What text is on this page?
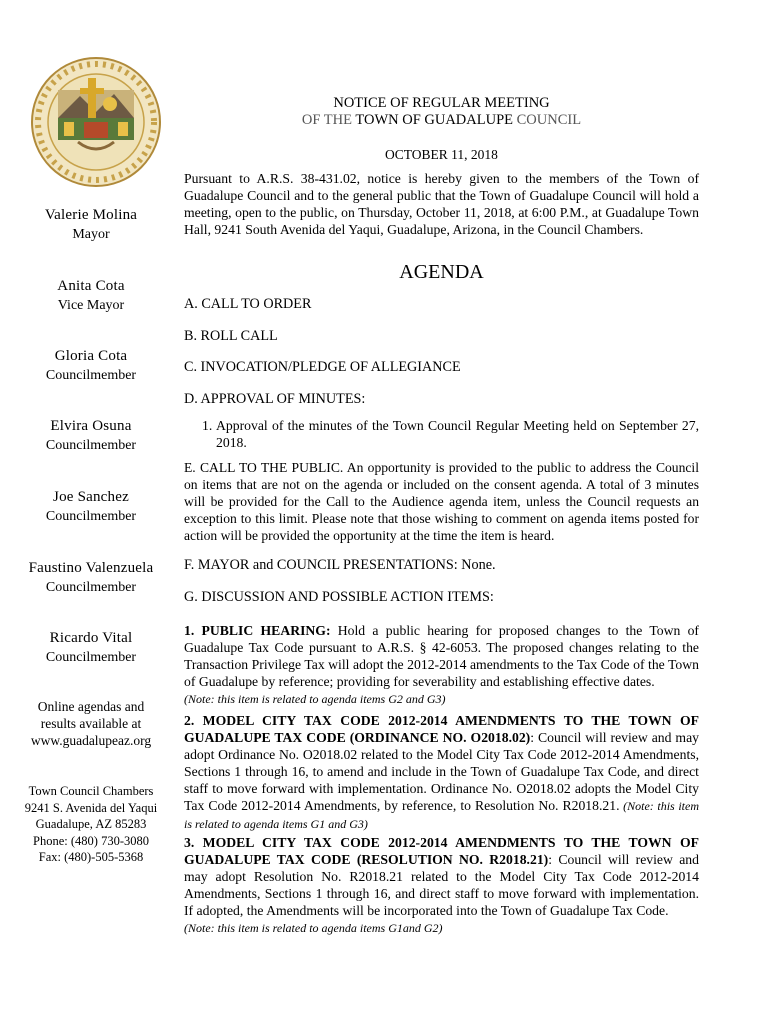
NOTICE OF REGULAR MEETING
OF THE TOWN OF GUADALUPE COUNCIL
OCTOBER 11, 2018
Pursuant to A.R.S. 38-431.02, notice is hereby given to the members of the Town of Guadalupe Council and to the general public that the Town of Guadalupe Council will hold a meeting, open to the public, on Thursday, October 11, 2018, at 6:00 P.M., at Guadalupe Town Hall, 9241 South Avenida del Yaqui, Guadalupe, Arizona, in the Council Chambers.
AGENDA
Valerie Molina
Mayor
Anita Cota
Vice Mayor
Gloria Cota
Councilmember
Elvira Osuna
Councilmember
Joe Sanchez
Councilmember
Faustino Valenzuela
Councilmember
Ricardo Vital
Councilmember
Online agendas and
results available at
www.guadalupeaz.org
Town Council Chambers
9241 S. Avenida del Yaqui
Guadalupe, AZ 85283
Phone: (480) 730-3080
Fax: (480)-505-5368
A. CALL TO ORDER
B. ROLL CALL
C. INVOCATION/PLEDGE OF ALLEGIANCE
D. APPROVAL OF MINUTES:
1. Approval of the minutes of the Town Council Regular Meeting held on September 27, 2018.
E. CALL TO THE PUBLIC. An opportunity is provided to the public to address the Council on items that are not on the agenda or included on the consent agenda. A total of 3 minutes will be provided for the Call to the Audience agenda item, unless the Council requests an exception to this limit. Please note that those wishing to comment on agenda items posted for action will be provided the opportunity at the time the item is heard.
F. MAYOR and COUNCIL PRESENTATIONS: None.
G. DISCUSSION AND POSSIBLE ACTION ITEMS:
1. PUBLIC HEARING: Hold a public hearing for proposed changes to the Town of Guadalupe Tax Code pursuant to A.R.S. § 42-6053. The proposed changes relating to the Transaction Privilege Tax will adopt the 2012-2014 amendments to the Tax Code of the Town of Guadalupe by reference; providing for severability and establishing effective dates.
(Note: this item is related to agenda items G2 and G3)
2. MODEL CITY TAX CODE 2012-2014 AMENDMENTS TO THE TOWN OF GUADALUPE TAX CODE (ORDINANCE NO. O2018.02): Council will review and may adopt Ordinance No. O2018.02 related to the Model City Tax Code 2012-2014 Amendments, Sections 1 through 16, to amend and include in the Town of Guadalupe Tax Code, and direct staff to move forward with implementation. Ordinance No. O2018.02 adopts the Model City Tax Code 2012-2014 Amendments, by reference, to Resolution No. R2018.21. (Note: this item is related to agenda items G1 and G3)
3. MODEL CITY TAX CODE 2012-2014 AMENDMENTS TO THE TOWN OF GUADALUPE TAX CODE (RESOLUTION NO. R2018.21): Council will review and may adopt Resolution No. R2018.21 related to the Model City Tax Code 2012-2014 Amendments, Sections 1 through 16, and direct staff to move forward with implementation. If adopted, the Amendments will be incorporated into the Town of Guadalupe Tax Code.
(Note: this item is related to agenda items G1and G2)
